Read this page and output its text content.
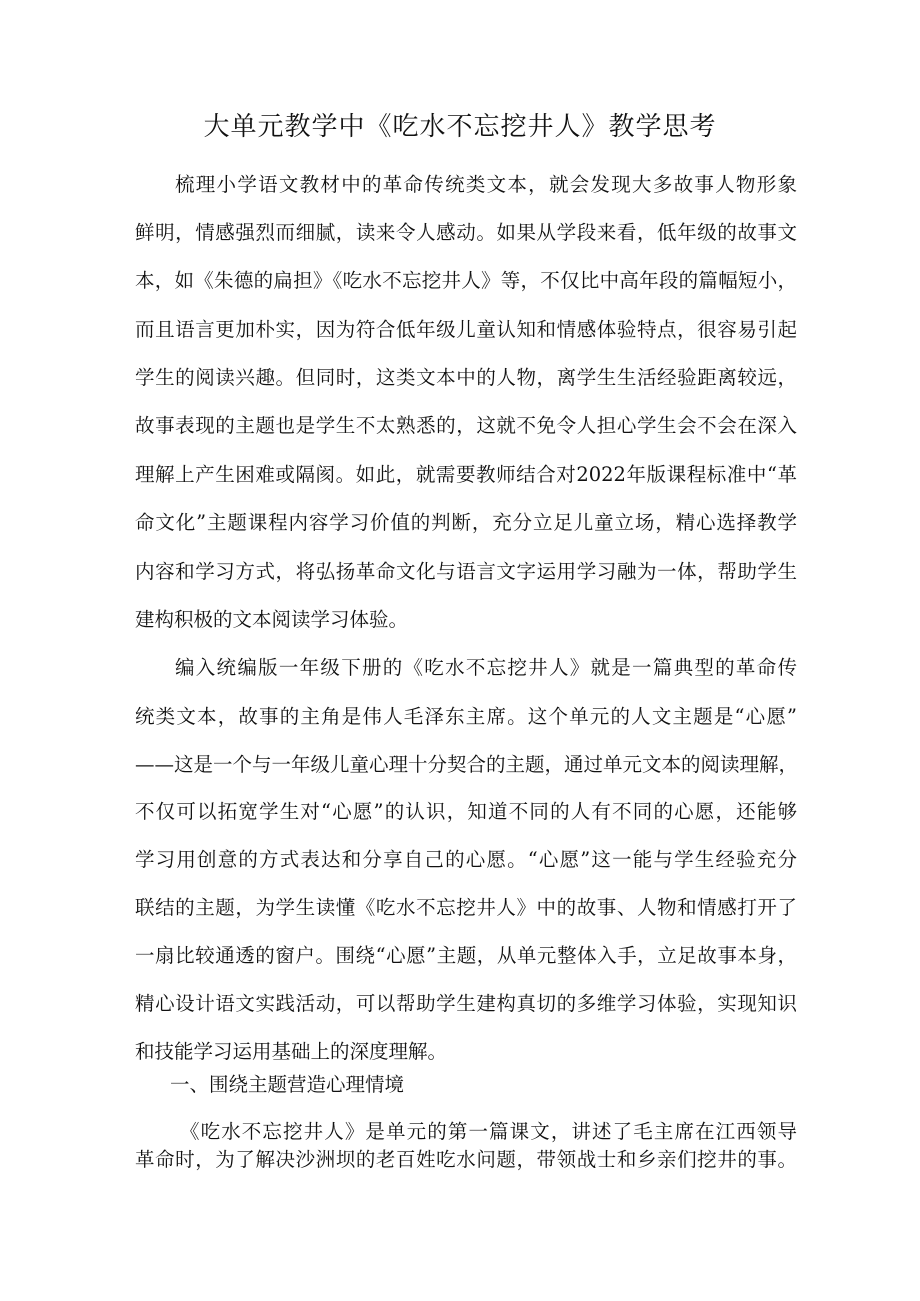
大单元教学中《吃水不忘挖井人》教学思考
梳理小学语文教材中的革命传统类文本，就会发现大多故事人物形象
鲜明，情感强烈而细腻，读来令人感动。如果从学段来看，低年级的故事文
本，如《朱德的扁担》《吃水不忘挖井人》等，不仅比中高年段的篇幅短小，
而且语言更加朴实，因为符合低年级儿童认知和情感体验特点，很容易引起
学生的阅读兴趣。但同时，这类文本中的人物，离学生生活经验距离较远，
故事表现的主题也是学生不太熟悉的，这就不免令人担心学生会不会在深入
理解上产生困难或隔阂。如此，就需要教师结合对2022年版课程标准中“革
命文化”主题课程内容学习价值的判断，充分立足儿童立场，精心选择教学
内容和学习方式，将弘扬革命文化与语言文字运用学习融为一体，帮助学生
建构积极的文本阅读学习体验。
编入统编版一年级下册的《吃水不忘挖井人》就是一篇典型的革命传
统类文本，故事的主角是伟人毛泽东主席。这个单元的人文主题是“心愿”
——这是一个与一年级儿童心理十分契合的主题，通过单元文本的阅读理解，
不仅可以拓宽学生对“心愿”的认识，知道不同的人有不同的心愿，还能够
学习用创意的方式表达和分享自己的心愿。“心愿”这一能与学生经验充分
联结的主题，为学生读懂《吃水不忘挖井人》中的故事、人物和情感打开了
一扇比较通透的窗户。围绕“心愿”主题，从单元整体入手，立足故事本身，
精心设计语文实践活动，可以帮助学生建构真切的多维学习体验，实现知识
和技能学习运用基础上的深度理解。
一、围绕主题营造心理情境
《吃水不忘挖井人》是单元的第一篇课文，讲述了毛主席在江西领导
革命时，为了解决沙洲坝的老百姓吃水问题，带领战士和乡亲们挖井的事。
